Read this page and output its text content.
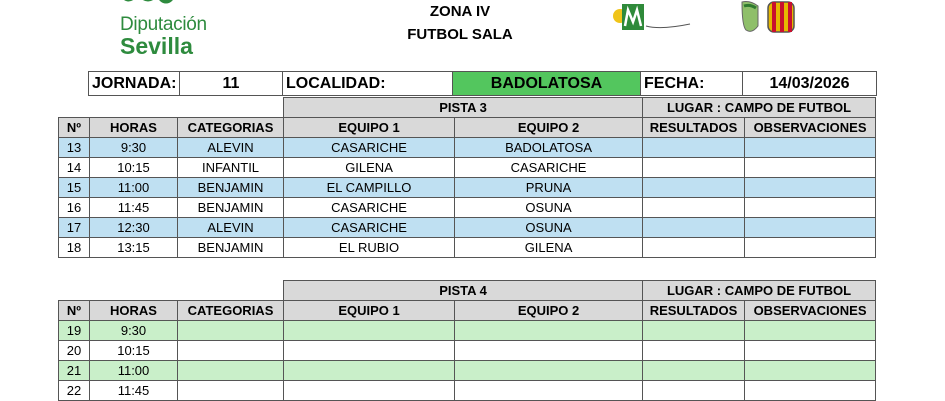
Diputación
Sevilla
ZONA IV
FUTBOL SALA
JORNADA:	11	LOCALIDAD:	BADOLATOSA	FECHA:	14/03/2026
			PISTA 3		LUGAR : CAMPO DE FUTBOL	
Nº	HORAS	CATEGORIAS	EQUIPO 1	EQUIPO 2	RESULTADOS	OBSERVACIONES
13	9:30	ALEVIN	CASARICHE	BADOLATOSA		
14	10:15	INFANTIL	GILENA	CASARICHE		
15	11:00	BENJAMIN	EL CAMPILLO	PRUNA		
16	11:45	BENJAMIN	CASARICHE	OSUNA		
17	12:30	ALEVIN	CASARICHE	OSUNA		
18	13:15	BENJAMIN	EL RUBIO	GILENA		
			PISTA 4		LUGAR : CAMPO DE FUTBOL	
Nº	HORAS	CATEGORIAS	EQUIPO 1	EQUIPO 2	RESULTADOS	OBSERVACIONES
19	9:30					
20	10:15					
21	11:00					
22	11:45					
